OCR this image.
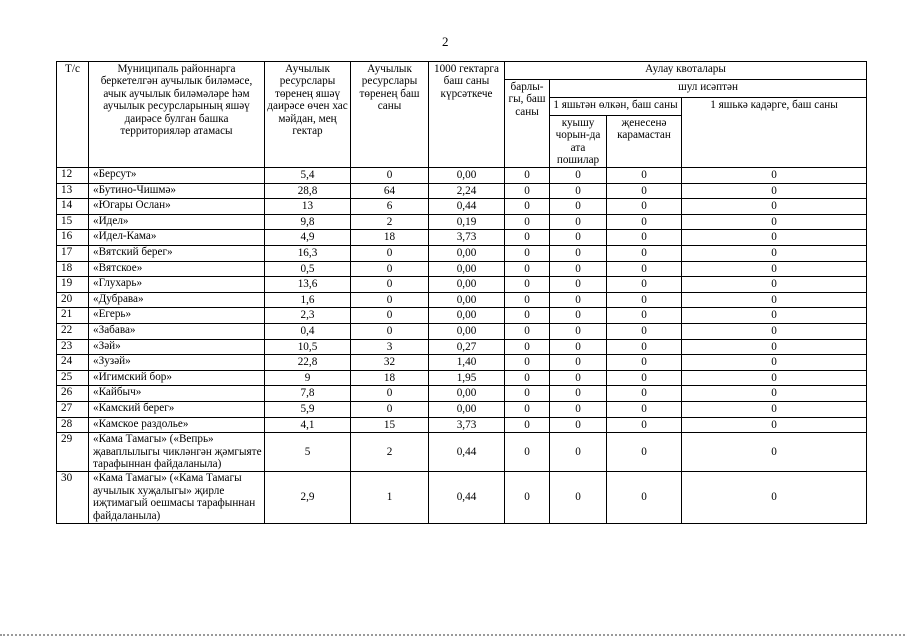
2
Т/с	Муниципаль районнарга беркетелгән аучылык биләмәсе, ачык аучылык биләмәләре һәм аучылык ресурсларының яшәү даирәсе булган башка территорияләр атамасы	Аучылык ресурслары төренең яшәү даирәсе өчен хас мәйдан, мең гектар	Аучылык ресурслары төренең баш саны	1000 гектарга баш саны күрсәткече	Аулау квоталары			
					барлы-гы, баш саны	шул исәптән		
						1 яшьтән өлкән, баш саны		1 яшькә кадәрге, баш саны
						куышу чорын-да ата пошилар	җенесенә карамастан	
12	«Берсут»	5,4	0	0,00	0	0	0	0
13	«Бутино-Чишмә»	28,8	64	2,24	0	0	0	0
14	«Югары Ослан»	13	6	0,44	0	0	0	0
15	«Идел»	9,8	2	0,19	0	0	0	0
16	«Идел-Кама»	4,9	18	3,73	0	0	0	0
17	«Вятский берег»	16,3	0	0,00	0	0	0	0
18	«Вятское»	0,5	0	0,00	0	0	0	0
19	«Глухарь»	13,6	0	0,00	0	0	0	0
20	«Дубрава»	1,6	0	0,00	0	0	0	0
21	«Егерь»	2,3	0	0,00	0	0	0	0
22	«Забава»	0,4	0	0,00	0	0	0	0
23	«Зәй»	10,5	3	0,27	0	0	0	0
24	«Зузәй»	22,8	32	1,40	0	0	0	0
25	«Игимский бор»	9	18	1,95	0	0	0	0
26	«Кайбыч»	7,8	0	0,00	0	0	0	0
27	«Камский берег»	5,9	0	0,00	0	0	0	0
28	«Камское раздолье»	4,1	15	3,73	0	0	0	0
29	«Кама Тамагы» («Вепрь» җаваплылыгы чикләнгән җәмгыяте тарафыннан файдаланыла)	5	2	0,44	0	0	0	0
30	«Кама Тамагы» («Кама Тамагы аучылык хуҗалыгы» җирле иҗтимагый оешмасы тарафыннан файдаланыла)	2,9	1	0,44	0	0	0	0
